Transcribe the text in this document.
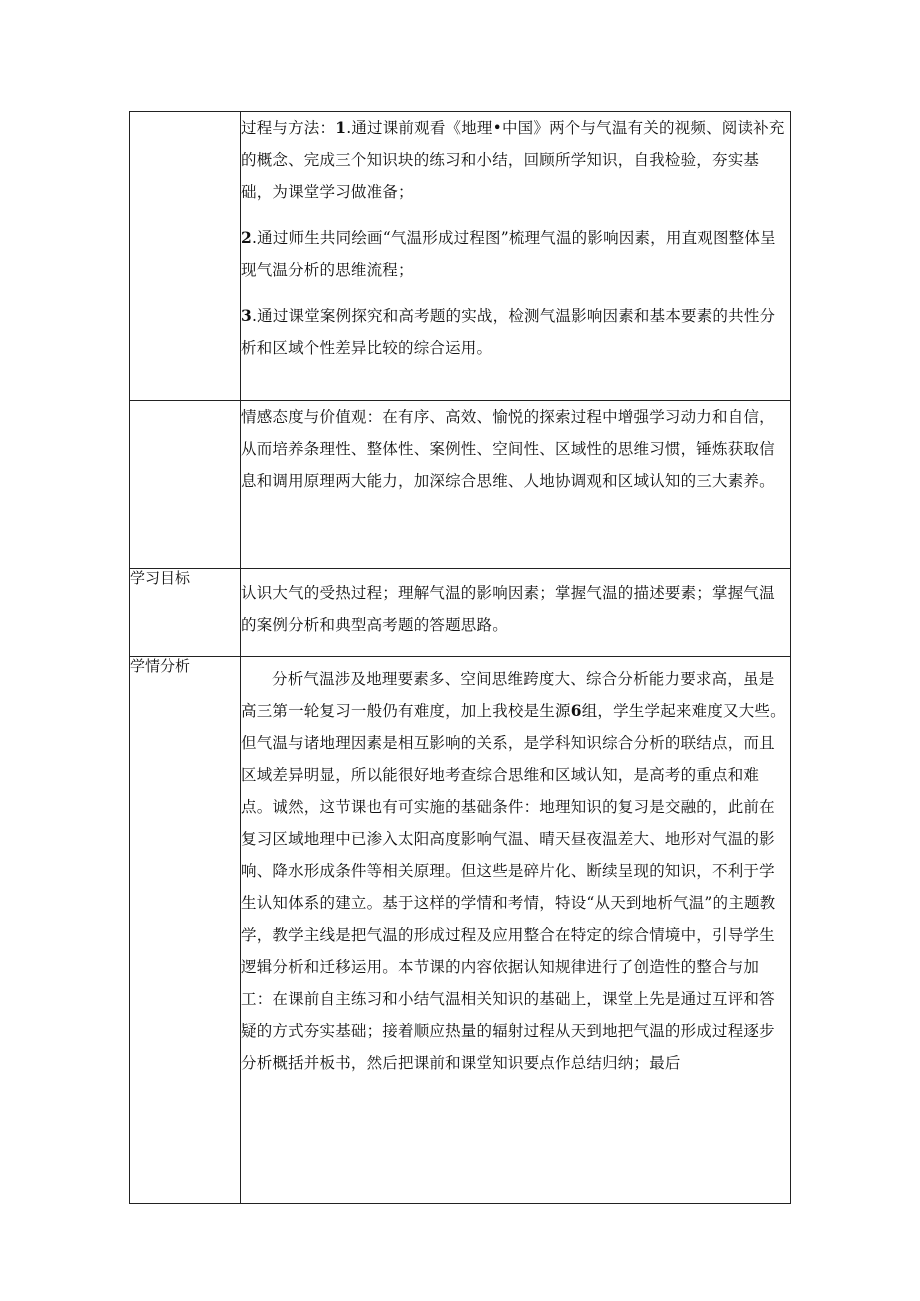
	过程与方法：1.通过课前观看《地理•中国》两个与气温有关的视频、阅读补充的概念、完成三个知识块的练习和小结，回顾所学知识，自我检验，夯实基础，为课堂学习做准备；

2.通过师生共同绘画“气温形成过程图”梳理气温的影响因素，用直观图整体呈现气温分析的思维流程；

3.通过课堂案例探究和高考题的实战，检测气温影响因素和基本要素的共性分析和区域个性差异比较的综合运用。

	情感态度与价值观：在有序、高效、愉悦的探索过程中增强学习动力和自信，从而培养条理性、整体性、案例性、空间性、区域性的思维习惯，锤炼获取信息和调用原理两大能力，加深综合思维、人地协调观和区域认知的三大素养。

学习目标	认识大气的受热过程；理解气温的影响因素；掌握气温的描述要素；掌握气温的案例分析和典型高考题的答题思路。

学情分析	分析气温涉及地理要素多、空间思维跨度大、综合分析能力要求高，虽是高三第一轮复习一般仍有难度，加上我校是生源6组，学生学起来难度又大些。但气温与诸地理因素是相互影响的关系，是学科知识综合分析的联结点，而且区域差异明显，所以能很好地考查综合思维和区域认知，是高考的重点和难点。诚然，这节课也有可实施的基础条件：地理知识的复习是交融的，此前在复习区域地理中已渗入太阳高度影响气温、晴天昼夜温差大、地形对气温的影响、降水形成条件等相关原理。但这些是碎片化、断续呈现的知识，不利于学生认知体系的建立。基于这样的学情和考情，特设“从天到地析气温”的主题教学，教学主线是把气温的形成过程及应用整合在特定的综合情境中，引导学生逻辑分析和迁移运用。本节课的内容依据认知规律进行了创造性的整合与加工：在课前自主练习和小结气温相关知识的基础上，课堂上先是通过互评和答疑的方式夯实基础；接着顺应热量的辐射过程从天到地把气温的形成过程逐步分析概括并板书，然后把课前和课堂知识要点作总结归纳；最后
